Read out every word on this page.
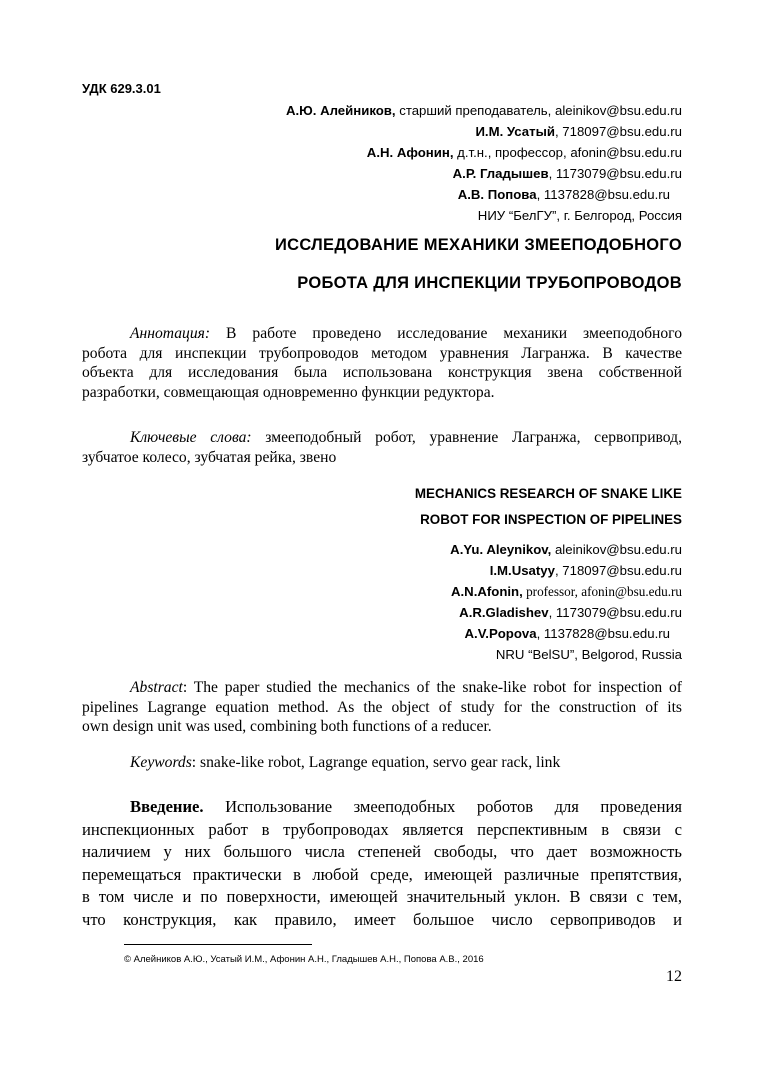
УДК 629.3.01
А.Ю. Алейников, старший преподаватель, aleinikov@bsu.edu.ru
И.М. Усатый, 718097@bsu.edu.ru
А.Н. Афонин, д.т.н., профессор, afonin@bsu.edu.ru
А.Р. Гладышев, 1173079@bsu.edu.ru
А.В. Попова, 1137828@bsu.edu.ru
НИУ “БелГУ”, г. Белгород, Россия
ИССЛЕДОВАНИЕ МЕХАНИКИ ЗМЕЕПОДОБНОГО
РОБОТА ДЛЯ ИНСПЕКЦИИ ТРУБОПРОВОДОВ
Аннотация: В работе проведено исследование механики змееподобного
робота для инспекции трубопроводов методом уравнения Лагранжа. В качестве
объекта для исследования была использована конструкция звена собственной
разработки, совмещающая одновременно функции редуктора.
Ключевые слова: змееподобный робот, уравнение Лагранжа, сервопривод,
зубчатое колесо, зубчатая рейка, звено
MECHANICS RESEARCH OF SNAKE LIKE
ROBOT FOR INSPECTION OF PIPELINES
A.Yu. Aleynikov, aleinikov@bsu.edu.ru
I.M.Usatyy, 718097@bsu.edu.ru
A.N.Afonin, professor, afonin@bsu.edu.ru
A.R.Gladishev, 1173079@bsu.edu.ru
A.V.Popova, 1137828@bsu.edu.ru
NRU “BelSU”, Belgorod, Russia
Abstract: The paper studied the mechanics of the snake-like robot for inspection of
pipelines Lagrange equation method. As the object of study for the construction of its
own design unit was used, combining both functions of a reducer.
Keywords: snake-like robot, Lagrange equation, servo gear rack, link
Введение. Использование змееподобных роботов для проведения
инспекционных работ в трубопроводах является перспективным в связи с
наличием у них большого числа степеней свободы, что дает возможность
перемещаться практически в любой среде, имеющей различные препятствия,
в том числе и по поверхности, имеющей значительный уклон. В связи с тем,
что конструкция, как правило, имеет большое число сервоприводов и
© Алейников А.Ю., Усатый И.М., Афонин А.Н., Гладышев А.Н., Попова А.В., 2016
12
